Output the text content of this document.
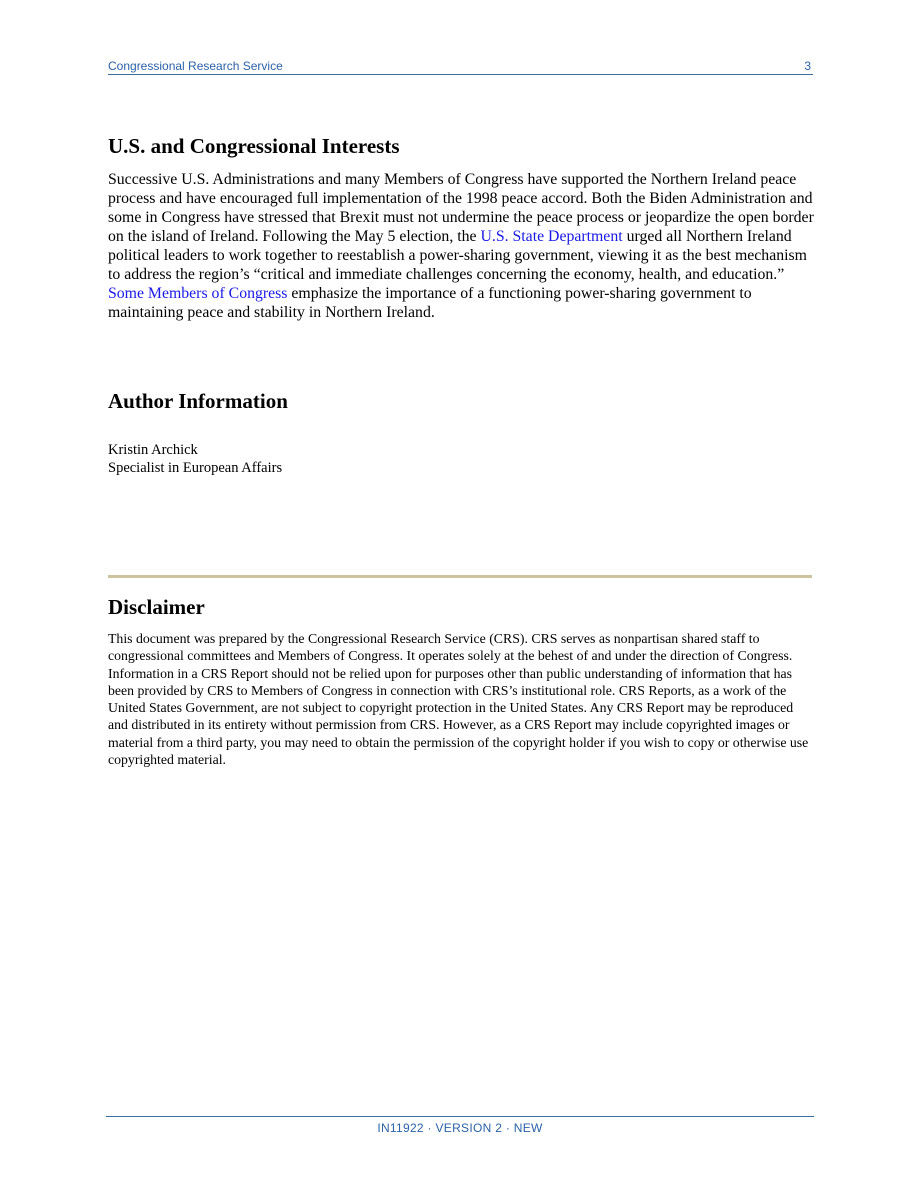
Congressional Research Service	3
U.S. and Congressional Interests

Successive U.S. Administrations and many Members of Congress have supported the Northern Ireland peace process and have encouraged full implementation of the 1998 peace accord. Both the Biden Administration and some in Congress have stressed that Brexit must not undermine the peace process or jeopardize the open border on the island of Ireland. Following the May 5 election, the U.S. State Department urged all Northern Ireland political leaders to work together to reestablish a power-sharing government, viewing it as the best mechanism to address the region’s “critical and immediate challenges concerning the economy, health, and education.” Some Members of Congress emphasize the importance of a functioning power-sharing government to maintaining peace and stability in Northern Ireland.

Author Information
Kristin Archick
Specialist in European Affairs
Disclaimer

This document was prepared by the Congressional Research Service (CRS). CRS serves as nonpartisan shared staff to congressional committees and Members of Congress. It operates solely at the behest of and under the direction of Congress. Information in a CRS Report should not be relied upon for purposes other than public understanding of information that has been provided by CRS to Members of Congress in connection with CRS’s institutional role. CRS Reports, as a work of the United States Government, are not subject to copyright protection in the United States. Any CRS Report may be reproduced and distributed in its entirety without permission from CRS. However, as a CRS Report may include copyrighted images or material from a third party, you may need to obtain the permission of the copyright holder if you wish to copy or otherwise use copyrighted material.

IN11922 · VERSION 2 · NEW
